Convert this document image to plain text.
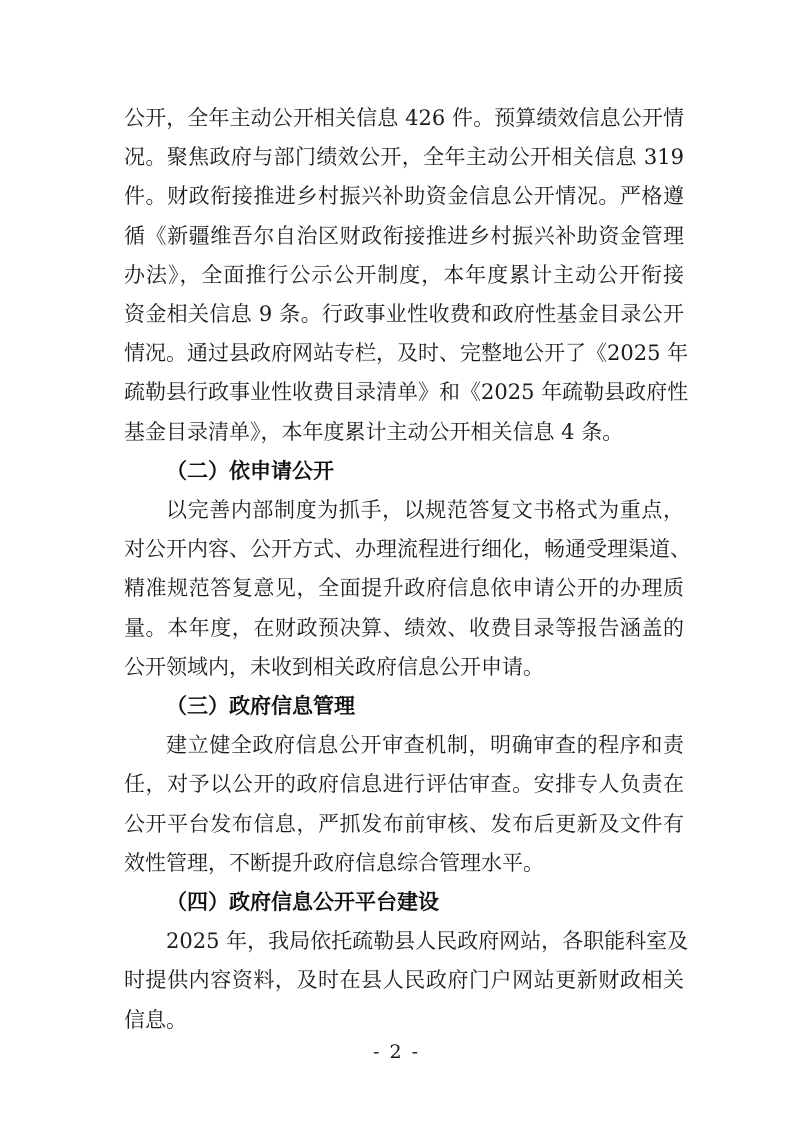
公开，全年主动公开相关信息 426 件。预算绩效信息公开情
况。聚焦政府与部门绩效公开，全年主动公开相关信息 319
件。财政衔接推进乡村振兴补助资金信息公开情况。严格遵
循《新疆维吾尔自治区财政衔接推进乡村振兴补助资金管理
办法》，全面推行公示公开制度，本年度累计主动公开衔接
资金相关信息 9 条。行政事业性收费和政府性基金目录公开
情况。通过县政府网站专栏，及时、完整地公开了《2025 年
疏勒县行政事业性收费目录清单》和《2025 年疏勒县政府性
基金目录清单》，本年度累计主动公开相关信息 4 条。
（二）依申请公开
以完善内部制度为抓手，以规范答复文书格式为重点，
对公开内容、公开方式、办理流程进行细化，畅通受理渠道、
精准规范答复意见，全面提升政府信息依申请公开的办理质
量。本年度，在财政预决算、绩效、收费目录等报告涵盖的
公开领域内，未收到相关政府信息公开申请。
（三）政府信息管理
建立健全政府信息公开审查机制，明确审查的程序和责
任，对予以公开的政府信息进行评估审查。安排专人负责在
公开平台发布信息，严抓发布前审核、发布后更新及文件有
效性管理，不断提升政府信息综合管理水平。
（四）政府信息公开平台建设
2025 年，我局依托疏勒县人民政府网站，各职能科室及
时提供内容资料，及时在县人民政府门户网站更新财政相关
信息。
- 2 -
